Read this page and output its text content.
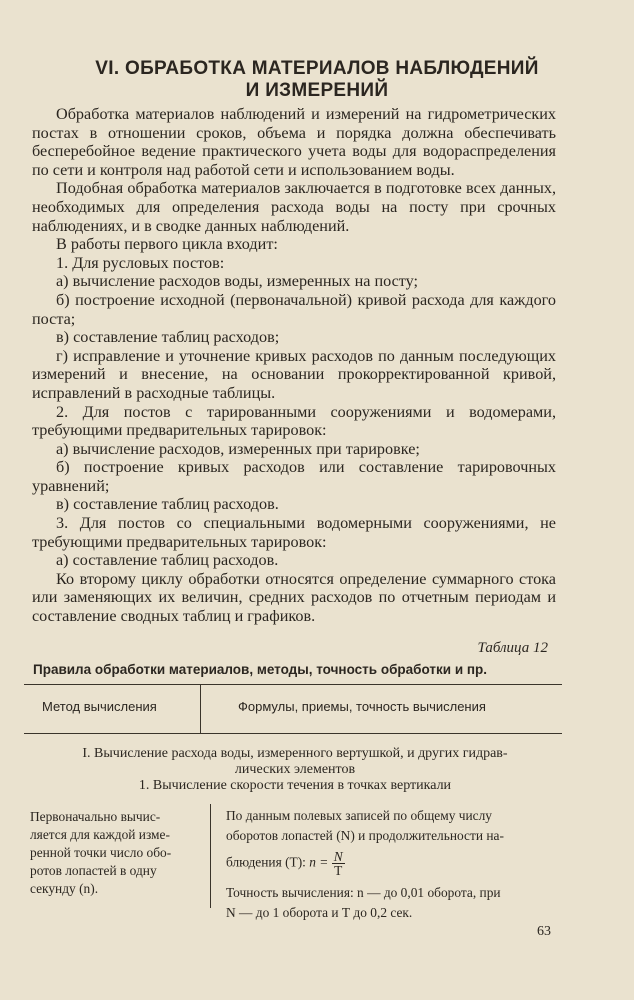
VI. ОБРАБОТКА МАТЕРИАЛОВ НАБЛЮДЕНИЙ
И ИЗМЕРЕНИЙ

Обработка материалов наблюдений и измерений на гидрометрических постах в отношении сроков, объема и порядка должна обеспечивать бесперебойное ведение практического учета воды для водораспределения по сети и контроля над работой сети и использованием воды.

Подобная обработка материалов заключается в подготовке всех данных, необходимых для определения расхода воды на посту при срочных наблюдениях, и в сводке данных наблюдений.

В работы первого цикла входит:

1. Для русловых постов:

а) вычисление расходов воды, измеренных на посту;

б) построение исходной (первоначальной) кривой расхода для каждого поста;

в) составление таблиц расходов;

г) исправление и уточнение кривых расходов по данным последующих измерений и внесение, на основании прокорректированной кривой, исправлений в расходные таблицы.

2. Для постов с тарированными сооружениями и водомерами, требующими предварительных тарировок:

а) вычисление расходов, измеренных при тарировке;

б) построение кривых расходов или составление тарировочных уравнений;

в) составление таблиц расходов.

3. Для постов со специальными водомерными сооружениями, не требующими предварительных тарировок:

а) составление таблиц расходов.

Ко второму циклу обработки относятся определение суммарного стока или заменяющих их величин, средних расходов по отчетным периодам и составление сводных таблиц и графиков.

Таблица 12
Правила обработки материалов, методы, точность обработки и пр.
Метод вычисления	Формулы, приемы, точность вычисления
I. Вычисление расхода воды, измеренного вертушкой, и других гидрав-
лических элементов
1. Вычисление скорости течения в точках вертикали
Первоначально вычис-
ляется для каждой изме-
ренной точки число обо-
ротов лопастей в одну
секунду (n).
По данным полевых записей по общему числу
оборотов лопастей (N) и продолжительности на-
блюдения (Т): $n = \frac{N}{Т}$
Точность вычисления: n — до 0,01 оборота, при
N — до 1 оборота и Т до 0,2 сек.
63
